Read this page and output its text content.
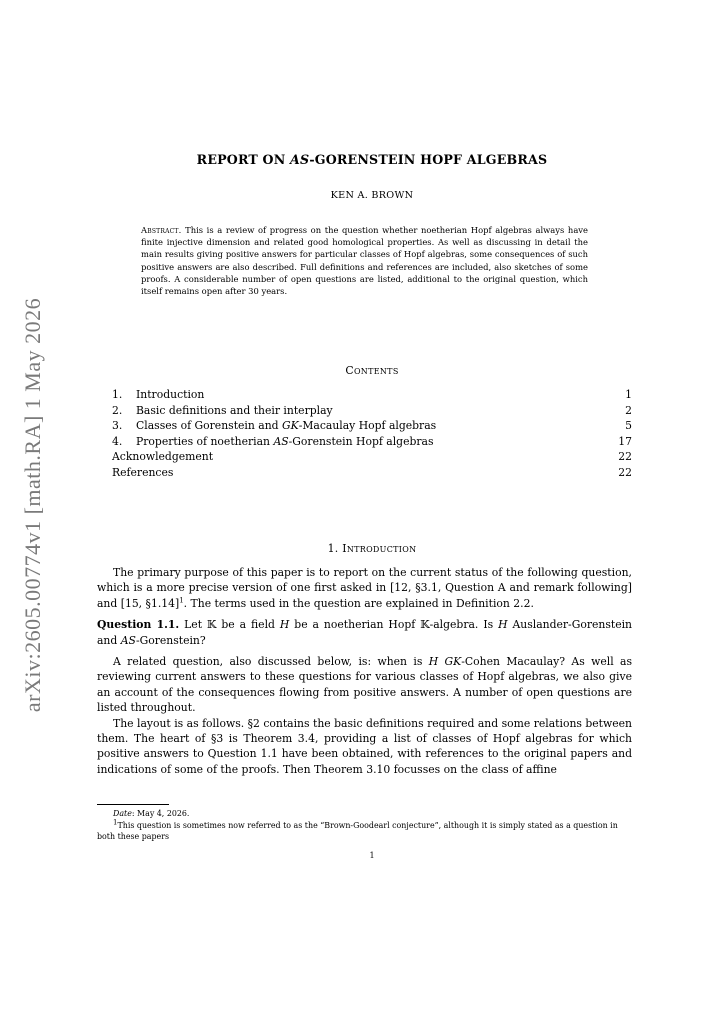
arXiv:2605.00774v1 [math.RA] 1 May 2026
REPORT ON AS-GORENSTEIN HOPF ALGEBRAS
KEN A. BROWN
Abstract. This is a review of progress on the question whether noetherian Hopf algebras always have finite injective dimension and related good homological properties. As well as discussing in detail the main results giving positive answers for particular classes of Hopf algebras, some consequences of such positive answers are also described. Full definitions and references are included, also sketches of some proofs. A considerable number of open questions are listed, additional to the original question, which itself remains open after 30 years.
Contents
1. Introduction	1
2. Basic definitions and their interplay	2
3. Classes of Gorenstein and GK-Macaulay Hopf algebras	5
4. Properties of noetherian AS-Gorenstein Hopf algebras	17
Acknowledgement	22
References	22
1. Introduction

The primary purpose of this paper is to report on the current status of the following question, which is a more precise version of one first asked in [12, §3.1, Question A and remark following] and [15, §1.14]$^1$. The terms used in the question are explained in Definition 2.2.

Question 1.1. Let 𝕂 be a field H be a noetherian Hopf 𝕂-algebra. Is H Auslander-Gorenstein and AS-Gorenstein?

A related question, also discussed below, is: when is H GK-Cohen Macaulay? As well as reviewing current answers to these questions for various classes of Hopf algebras, we also give an account of the consequences flowing from positive answers. A number of open questions are listed throughout.

The layout is as follows. §2 contains the basic definitions required and some relations between them. The heart of §3 is Theorem 3.4, providing a list of classes of Hopf algebras for which positive answers to Question 1.1 have been obtained, with references to the original papers and indications of some of the proofs. Then Theorem 3.10 focusses on the class of affine

Date: May 4, 2026.

$^1$This question is sometimes now referred to as the “Brown-Goodearl conjecture”, although it is simply stated as a question in both these papers

1
